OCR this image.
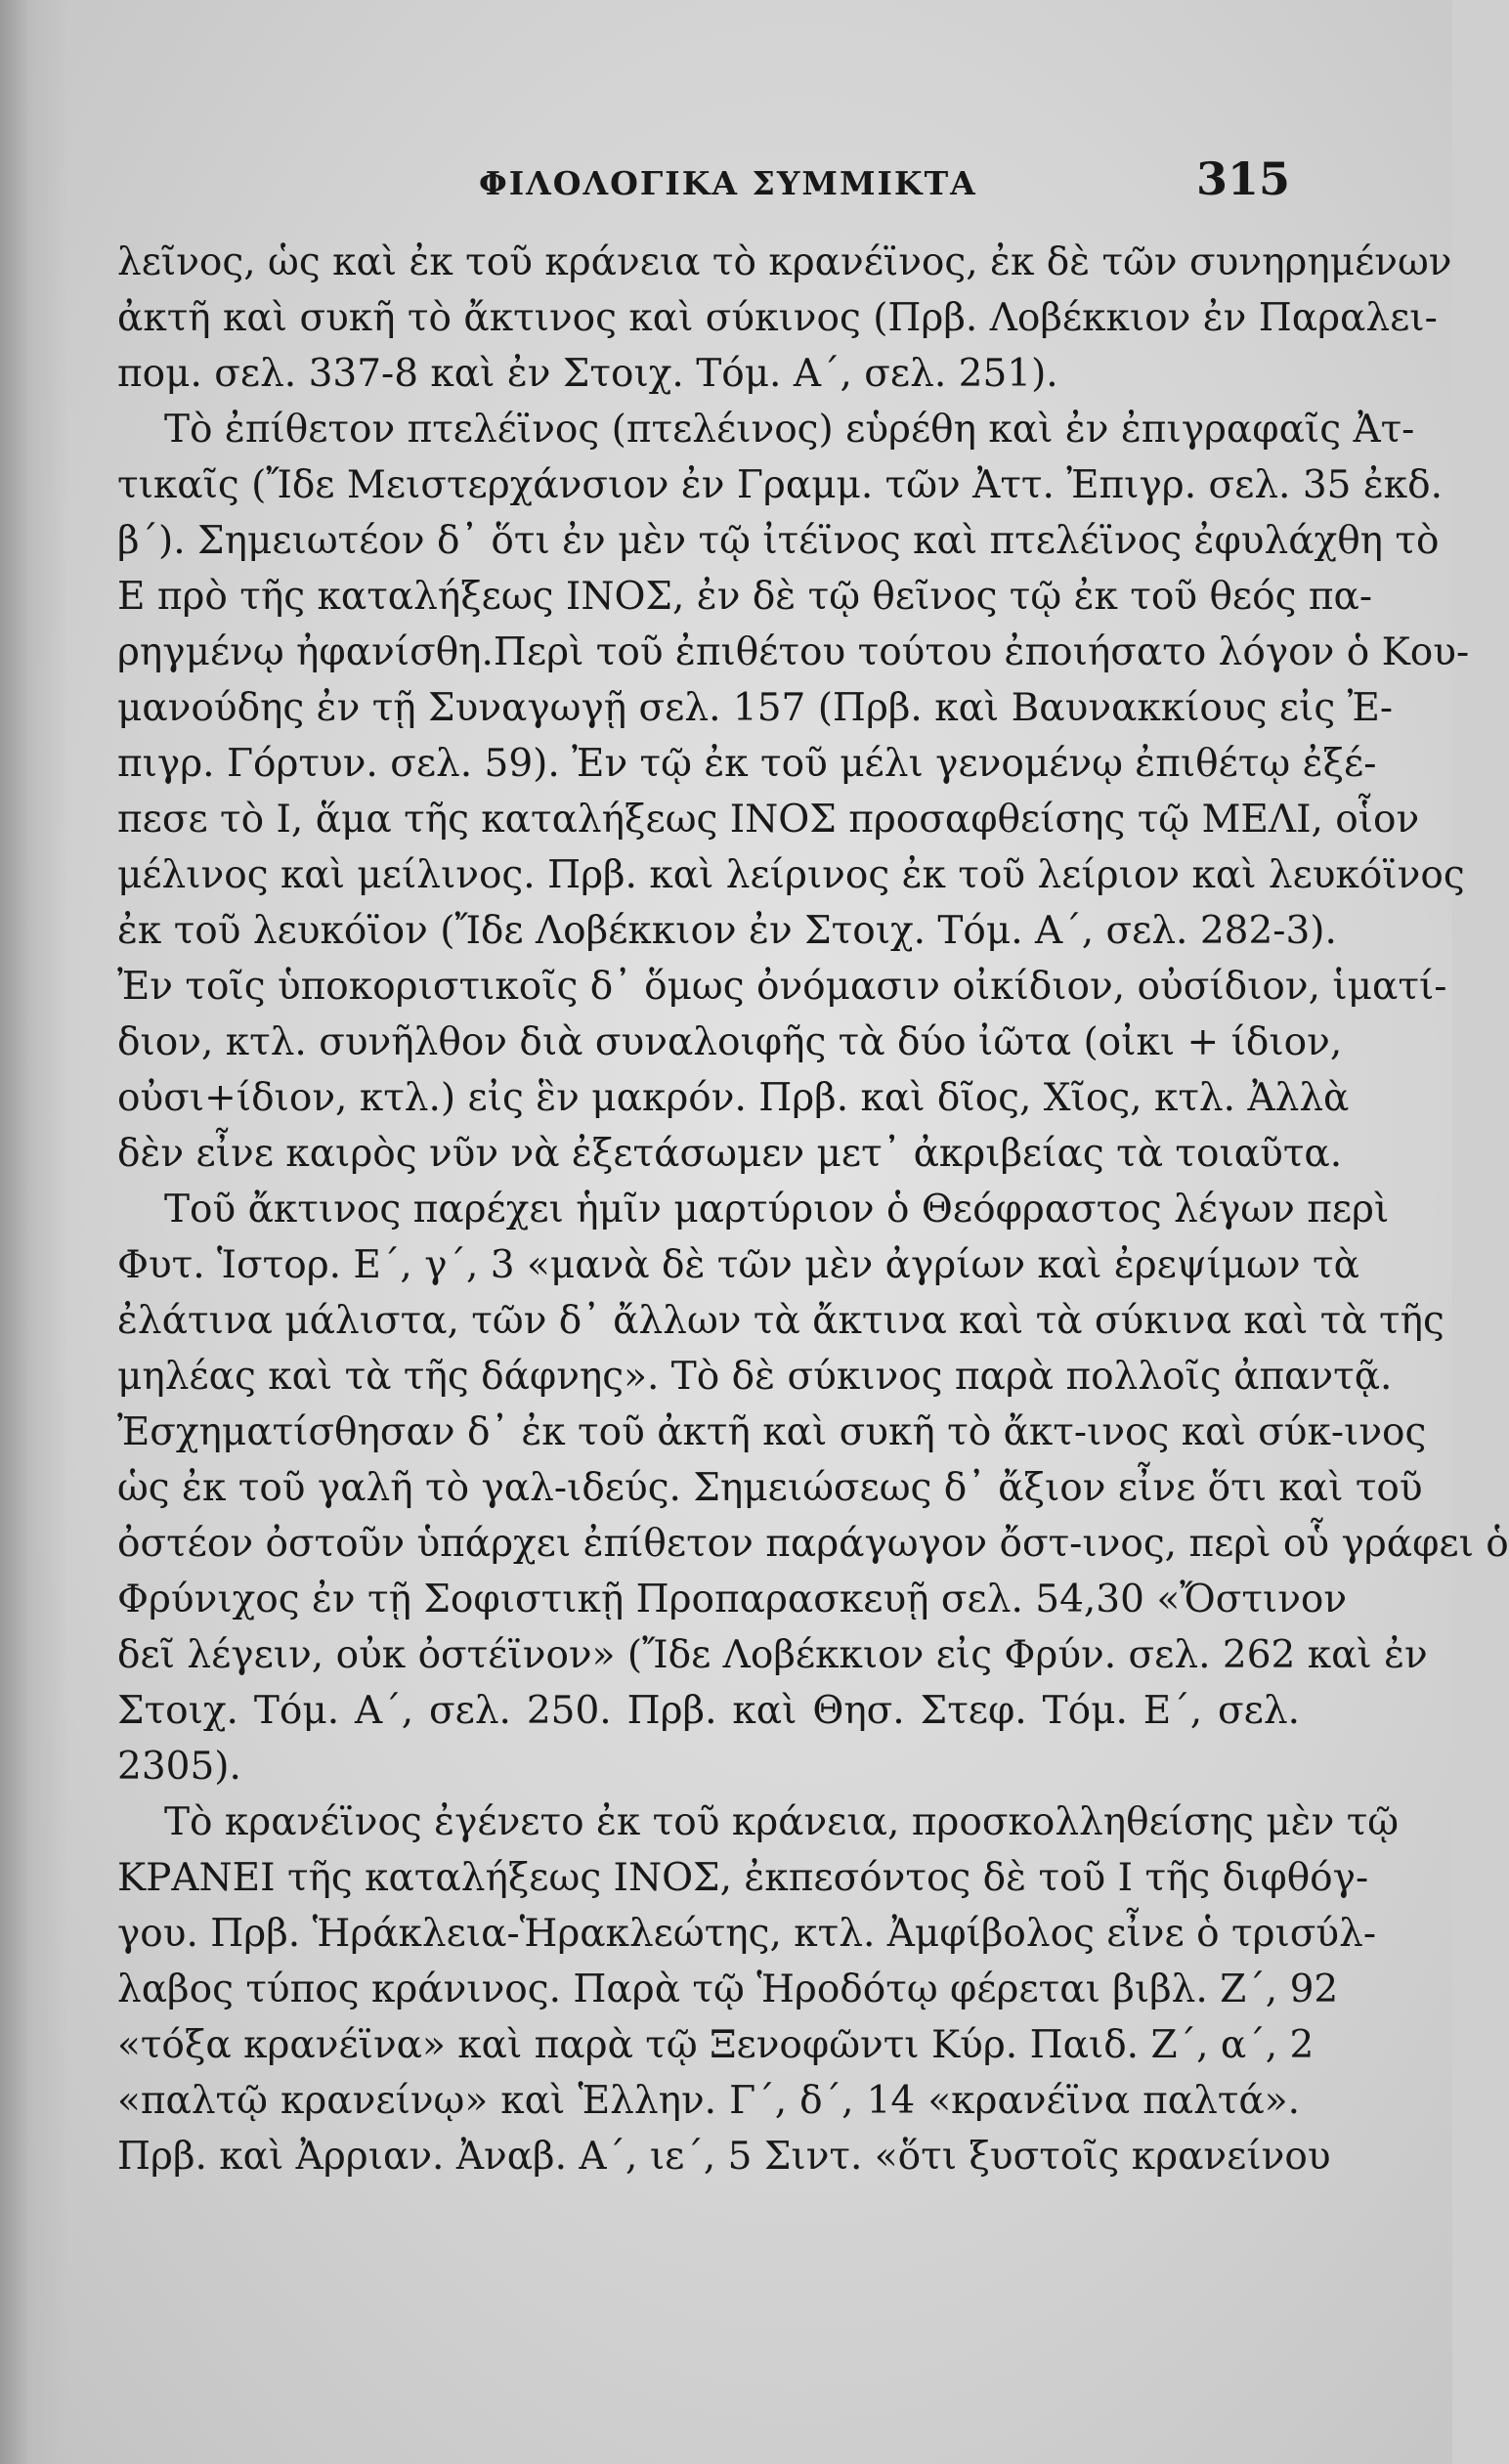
ΦΙΛΟΛΟΓΙΚΑ ΣΥΜΜΙΚΤΑ	315
λεῖνος, ὡς καὶ ἐκ τοῦ κράνεια τὸ κρανέϊνος, ἐκ δὲ τῶν συνηρημένων
ἀκτῆ καὶ συκῆ τὸ ἄκτινος καὶ σύκινος (Πρβ. Λοβέκκιον ἐν Παραλει-
πομ. σελ. 337-8 καὶ ἐν Στοιχ. Τόμ. Α΄, σελ. 251).
Τὸ ἐπίθετον πτελέϊνος (πτελέινος) εὑρέθη καὶ ἐν ἐπιγραφαῖς Ἀτ-
τικαῖς (Ἴδε Μειστερχάνσιον ἐν Γραμμ. τῶν Ἀττ. Ἐπιγρ. σελ. 35 ἐκδ.
β΄). Σημειωτέον δ᾽ ὅτι ἐν μὲν τῷ ἰτέϊνος καὶ πτελέϊνος ἐφυλάχθη τὸ
Ε πρὸ τῆς καταλήξεως ΙΝΟΣ, ἐν δὲ τῷ θεῖνος τῷ ἐκ τοῦ θεός πα-
ρηγμένῳ ἠφανίσθη.Περὶ τοῦ ἐπιθέτου τούτου ἐποιήσατο λόγον ὁ Κου-
μανούδης ἐν τῇ Συναγωγῇ σελ. 157 (Πρβ. καὶ Βαυνακκίους εἰς Ἐ-
πιγρ. Γόρτυν. σελ. 59). Ἐν τῷ ἐκ τοῦ μέλι γενομένῳ ἐπιθέτῳ ἐξέ-
πεσε τὸ Ι, ἅμα τῆς καταλήξεως ΙΝΟΣ προσαφθείσης τῷ ΜΕΛΙ, οἷον
μέλινος καὶ μείλινος. Πρβ. καὶ λείρινος ἐκ τοῦ λείριον καὶ λευκόϊνος
ἐκ τοῦ λευκόϊον (Ἴδε Λοβέκκιον ἐν Στοιχ. Τόμ. Α΄, σελ. 282-3).
Ἐν τοῖς ὑποκοριστικοῖς δ᾽ ὅμως ὀνόμασιν οἰκίδιον, οὐσίδιον, ἱματί-
διον, κτλ. συνῆλθον διὰ συναλοιφῆς τὰ δύο ἰῶτα (οἰκι + ίδιον,
οὐσι+ίδιον, κτλ.) εἰς ἓν μακρόν. Πρβ. καὶ δῖος, Χῖος, κτλ. Ἀλλὰ
δὲν εἶνε καιρὸς νῦν νὰ ἐξετάσωμεν μετ᾽ ἀκριβείας τὰ τοιαῦτα.
Τοῦ ἄκτινος παρέχει ἡμῖν μαρτύριον ὁ Θεόφραστος λέγων περὶ
Φυτ. Ἱστορ. Ε΄, γ΄, 3 «μανὰ δὲ τῶν μὲν ἀγρίων καὶ ἐρεψίμων τὰ
ἐλάτινα μάλιστα, τῶν δ᾽ ἄλλων τὰ ἄκτινα καὶ τὰ σύκινα καὶ τὰ τῆς
μηλέας καὶ τὰ τῆς δάφνης». Τὸ δὲ σύκινος παρὰ πολλοῖς ἀπαντᾷ.
Ἐσχηματίσθησαν δ᾽ ἐκ τοῦ ἀκτῆ καὶ συκῆ τὸ ἄκτ-ινος καὶ σύκ-ινος
ὡς ἐκ τοῦ γαλῆ τὸ γαλ-ιδεύς. Σημειώσεως δ᾽ ἄξιον εἶνε ὅτι καὶ τοῦ
ὀστέον ὀστοῦν ὑπάρχει ἐπίθετον παράγωγον ὄστ-ινος, περὶ οὗ γράφει ὁ
Φρύνιχος ἐν τῇ Σοφιστικῇ Προπαρασκευῇ σελ. 54,30 «Ὄστινον
δεῖ λέγειν, οὐκ ὀστέϊνον» (Ἴδε Λοβέκκιον εἰς Φρύν. σελ. 262 καὶ ἐν
Στοιχ. Τόμ. Α΄, σελ. 250. Πρβ. καὶ Θησ. Στεφ. Τόμ. Ε΄, σελ.
2305).
Τὸ κρανέϊνος ἐγένετο ἐκ τοῦ κράνεια, προσκολληθείσης μὲν τῷ
ΚΡΑΝΕΙ τῆς καταλήξεως ΙΝΟΣ, ἐκπεσόντος δὲ τοῦ Ι τῆς διφθόγ-
γου. Πρβ. Ἡράκλεια-Ἡρακλεώτης, κτλ. Ἀμφίβολος εἶνε ὁ τρισύλ-
λαβος τύπος κράνινος. Παρὰ τῷ Ἡροδότῳ φέρεται βιβλ. Ζ΄, 92
«τόξα κρανέϊνα» καὶ παρὰ τῷ Ξενοφῶντι Κύρ. Παιδ. Ζ΄, α΄, 2
«παλτῷ κρανείνῳ» καὶ Ἑλλην. Γ΄, δ΄, 14 «κρανέϊνα παλτά».
Πρβ. καὶ Ἀρριαν. Ἀναβ. Α΄, ιε΄, 5 Σιντ. «ὅτι ξυστοῖς κρανείνου
